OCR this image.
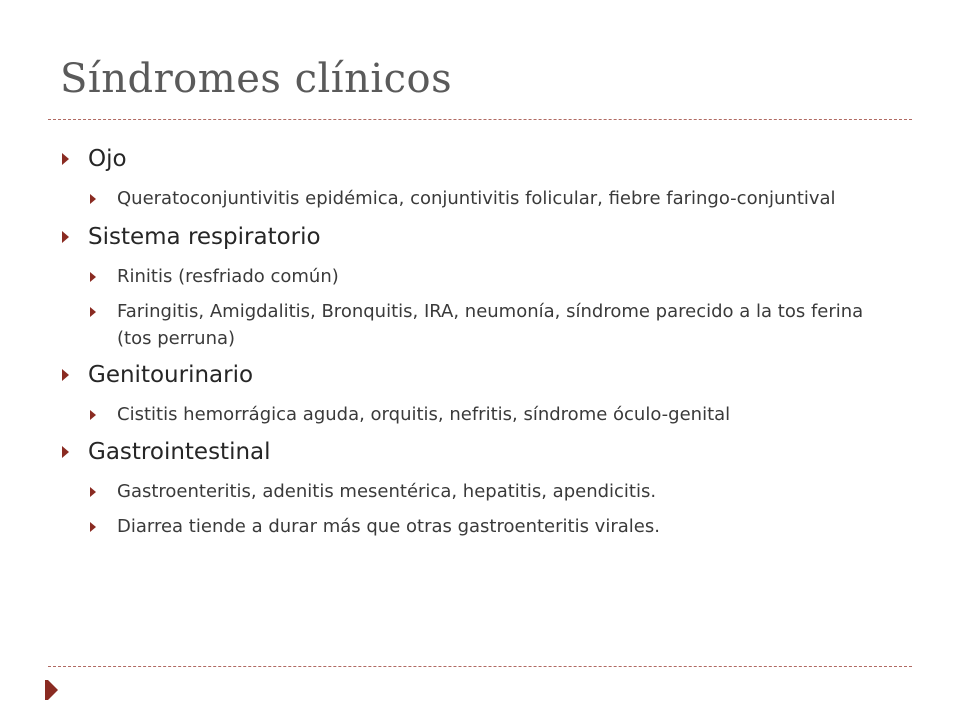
Síndromes clínicos
Ojo
Queratoconjuntivitis epidémica, conjuntivitis folicular, fiebre faringo-conjuntival
Sistema respiratorio
Rinitis (resfriado común)
Faringitis, Amigdalitis, Bronquitis, IRA, neumonía, síndrome parecido a la tos ferina (tos perruna)
Genitourinario
Cistitis hemorrágica aguda, orquitis, nefritis, síndrome óculo-genital
Gastrointestinal
Gastroenteritis, adenitis mesentérica, hepatitis, apendicitis.
Diarrea tiende a durar más que otras gastroenteritis virales.
